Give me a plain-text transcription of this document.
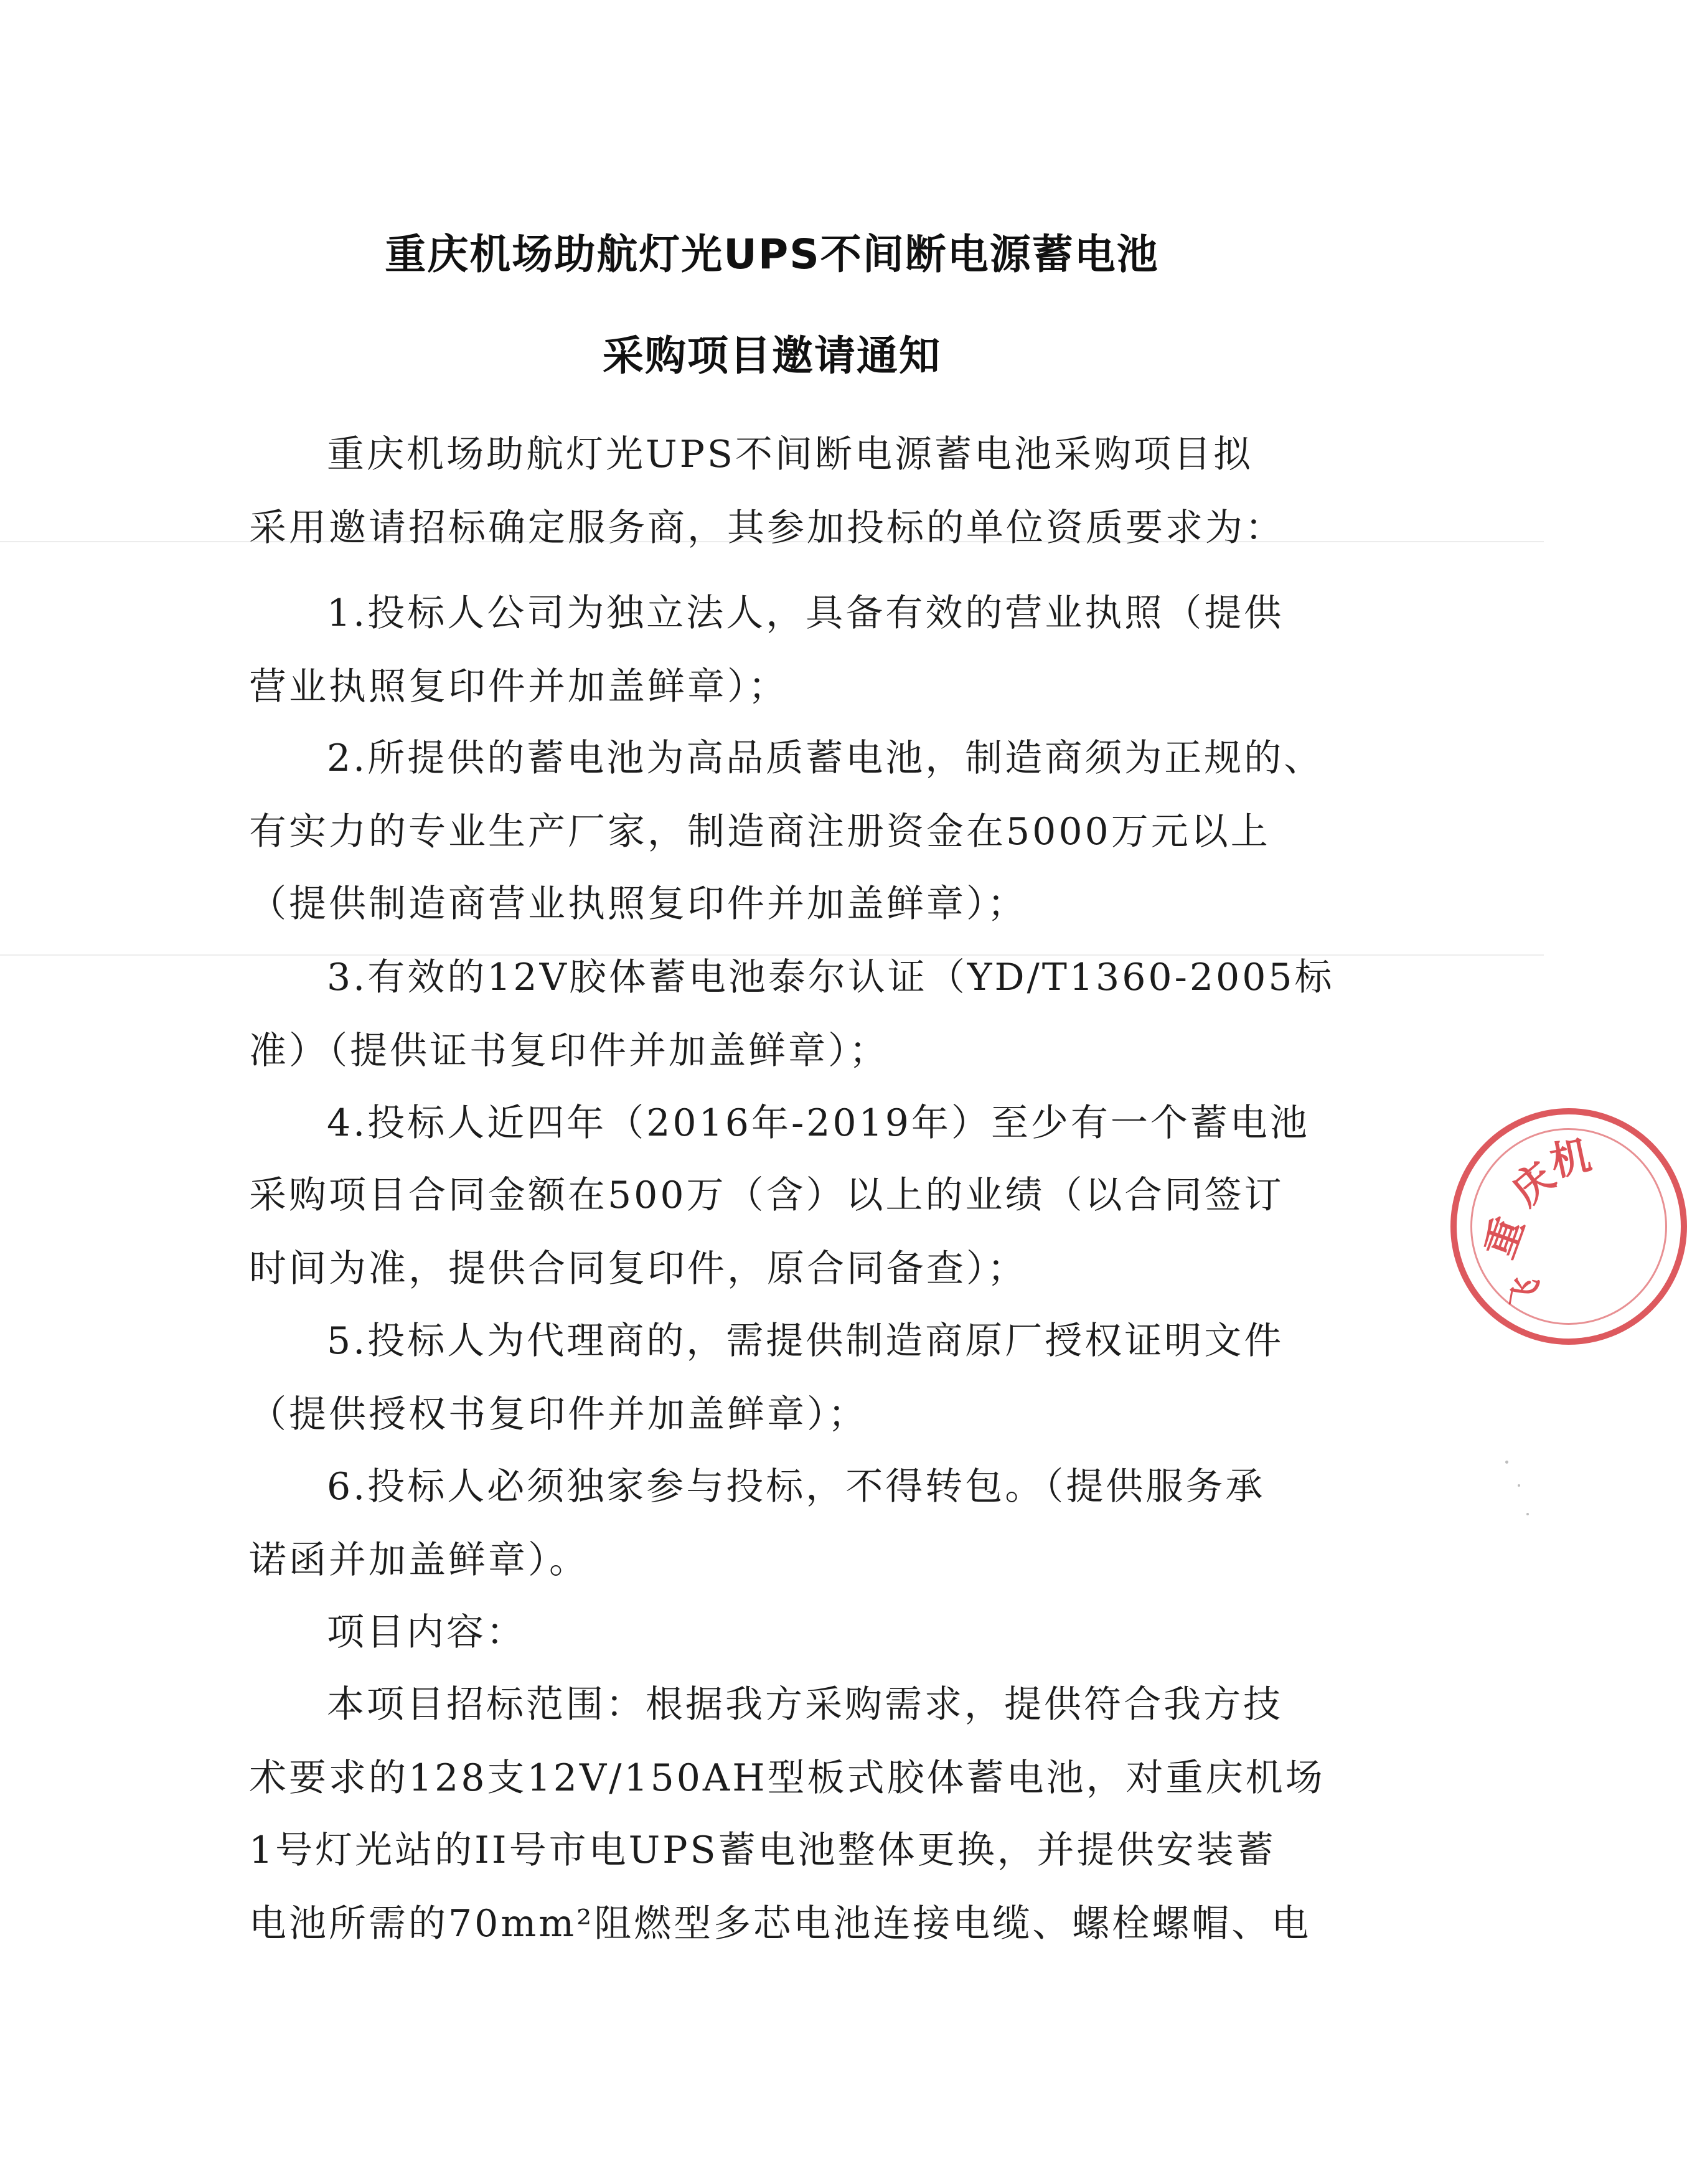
重庆机场助航灯光UPS不间断电源蓄电池
采购项目邀请通知
重庆机场助航灯光UPS不间断电源蓄电池采购项目拟
采用邀请招标确定服务商，其参加投标的单位资质要求为：
1.投标人公司为独立法人，具备有效的营业执照（提供
营业执照复印件并加盖鲜章）；
2.所提供的蓄电池为高品质蓄电池，制造商须为正规的、
有实力的专业生产厂家，制造商注册资金在5000万元以上
（提供制造商营业执照复印件并加盖鲜章）；
3.有效的12V胶体蓄电池泰尔认证（YD/T1360-2005标
准）（提供证书复印件并加盖鲜章）；
4.投标人近四年（2016年-2019年）至少有一个蓄电池
采购项目合同金额在500万（含）以上的业绩（以合同签订
时间为准，提供合同复印件，原合同备查）；
5.投标人为代理商的，需提供制造商原厂授权证明文件
（提供授权书复印件并加盖鲜章）；
6.投标人必须独家参与投标，不得转包。（提供服务承
诺函并加盖鲜章）。
项目内容：
本项目招标范围：根据我方采购需求，提供符合我方技
术要求的128支12V/150AH型板式胶体蓄电池，对重庆机场
1号灯光站的II号市电UPS蓄电池整体更换，并提供安装蓄
电池所需的70mm²阻燃型多芯电池连接电缆、螺栓螺帽、电
重
庆
机
飞
